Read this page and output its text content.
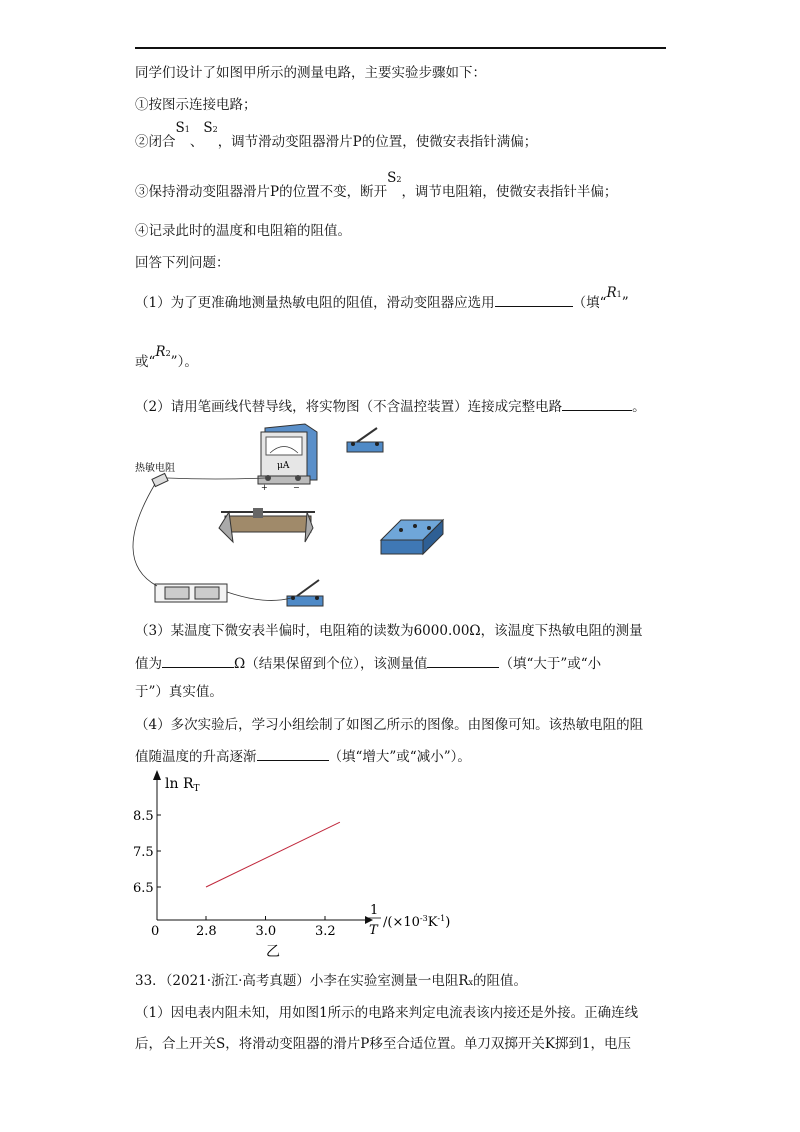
同学们设计了如图甲所示的测量电路，主要实验步骤如下：
①按图示连接电路；
②闭合S1、S2，调节滑动变阻器滑片P的位置，使微安表指针满偏；
③保持滑动变阻器滑片P的位置不变，断开S2，调节电阻箱，使微安表指针半偏；
④记录此时的温度和电阻箱的阻值。
回答下列问题：
（1）为了更准确地测量热敏电阻的阻值，滑动变阻器应选用	（填“R1”
或“R2”）。
（2）请用笔画线代替导线，将实物图（不含温控装置）连接成完整电路	。
μA
+	−
热敏电阻
（3）某温度下微安表半偏时，电阻箱的读数为6000.00Ω，该温度下热敏电阻的测量
值为	Ω（结果保留到个位），该测量值	（填“大于”或“小
于”）真实值。
（4）多次实验后，学习小组绘制了如图乙所示的图像。由图像可知。该热敏电阻的阻
值随温度的升高逐渐	（填“增大”或“减小”）。
$\ln R_T$
0	2.8	3.0	3.2
6.5
7.5
8.5
1
T
$/(\times 10^{-3}K^{-1})$
乙
33．（2021·浙江·高考真题）小李在实验室测量一电阻Rx的阻值。
（1）因电表内阻未知，用如图1所示的电路来判定电流表该内接还是外接。正确连线
后，合上开关S，将滑动变阻器的滑片P移至合适位置。单刀双掷开关K掷到1，电压
